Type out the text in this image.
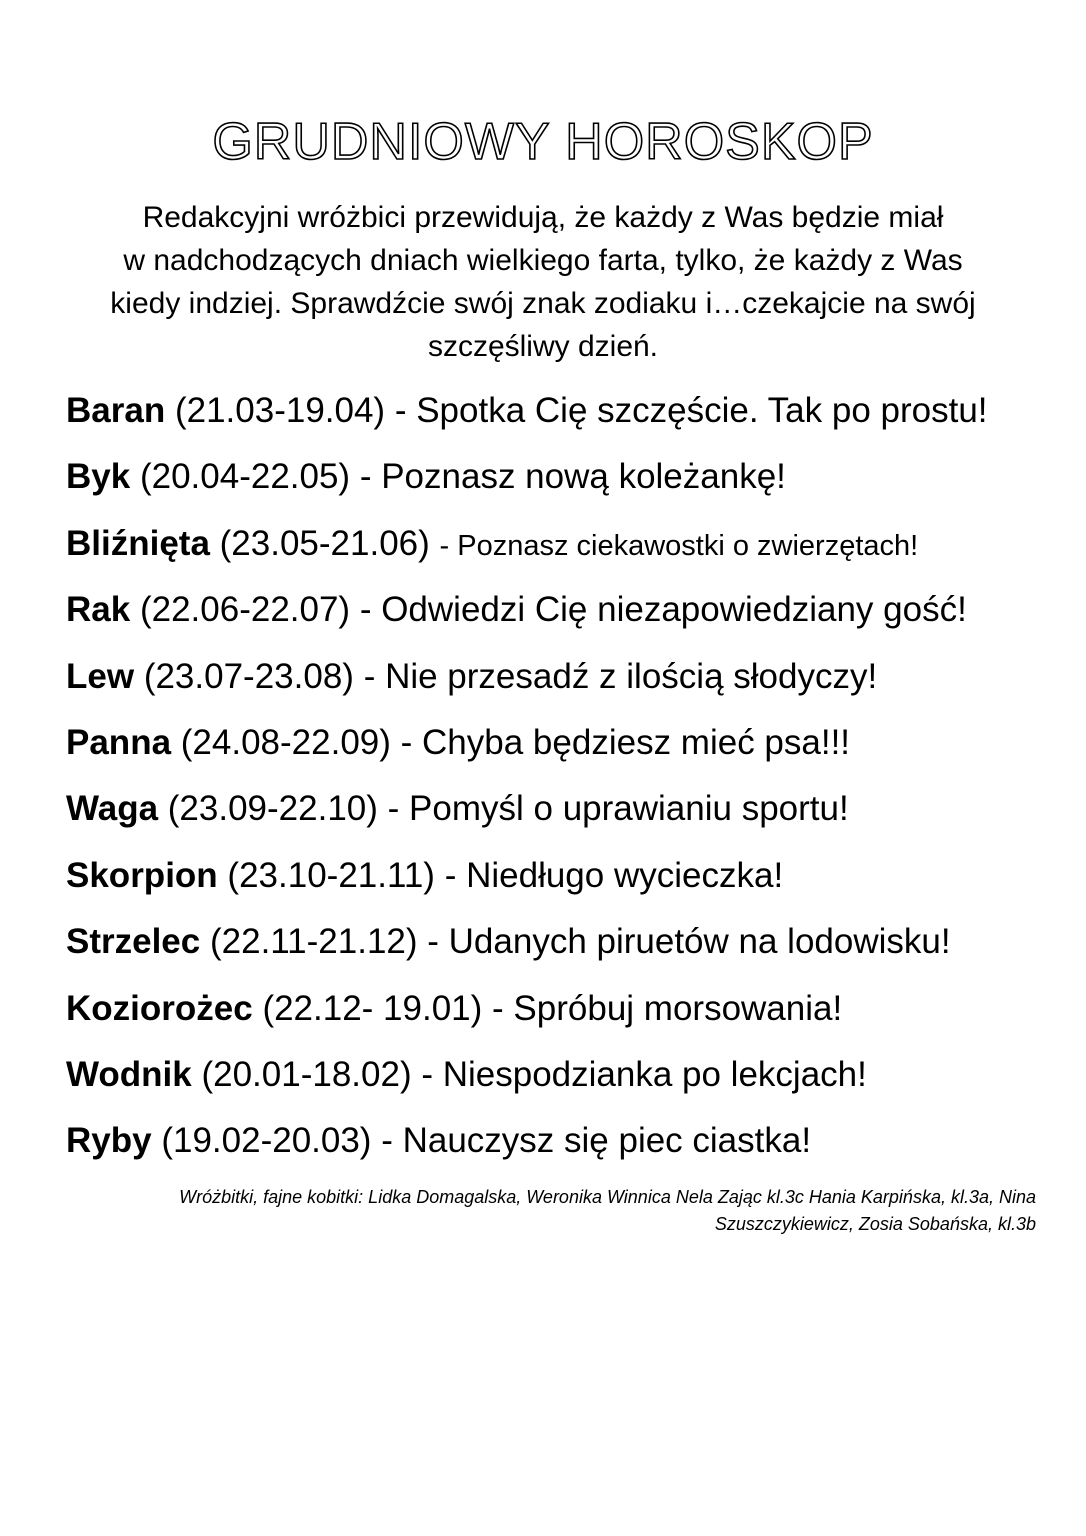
GRUDNIOWY HOROSKOP
Redakcyjni wróżbici przewidują, że każdy z Was będzie miał
w nadchodzących dniach wielkiego farta, tylko, że każdy z Was
kiedy indziej. Sprawdźcie swój znak zodiaku i…czekajcie na swój
szczęśliwy dzień.
Baran (21.03-19.04) - Spotka Cię szczęście. Tak po prostu!
Byk (20.04-22.05) - Poznasz nową koleżankę!
Bliźnięta (23.05-21.06) - Poznasz ciekawostki o zwierzętach!
Rak (22.06-22.07) - Odwiedzi Cię niezapowiedziany gość!
Lew (23.07-23.08) - Nie przesadź z ilością słodyczy!
Panna (24.08-22.09) - Chyba będziesz mieć psa!!!
Waga (23.09-22.10) - Pomyśl o uprawianiu sportu!
Skorpion (23.10-21.11) - Niedługo wycieczka!
Strzelec (22.11-21.12) - Udanych piruetów na lodowisku!
Koziorożec (22.12- 19.01) - Spróbuj morsowania!
Wodnik (20.01-18.02) - Niespodzianka po lekcjach!
Ryby (19.02-20.03) - Nauczysz się piec ciastka!
Wróżbitki, fajne kobitki: Lidka Domagalska, Weronika Winnica Nela Zając kl.3c Hania Karpińska, kl.3a, Nina
Szuszczykiewicz, Zosia Sobańska, kl.3b
